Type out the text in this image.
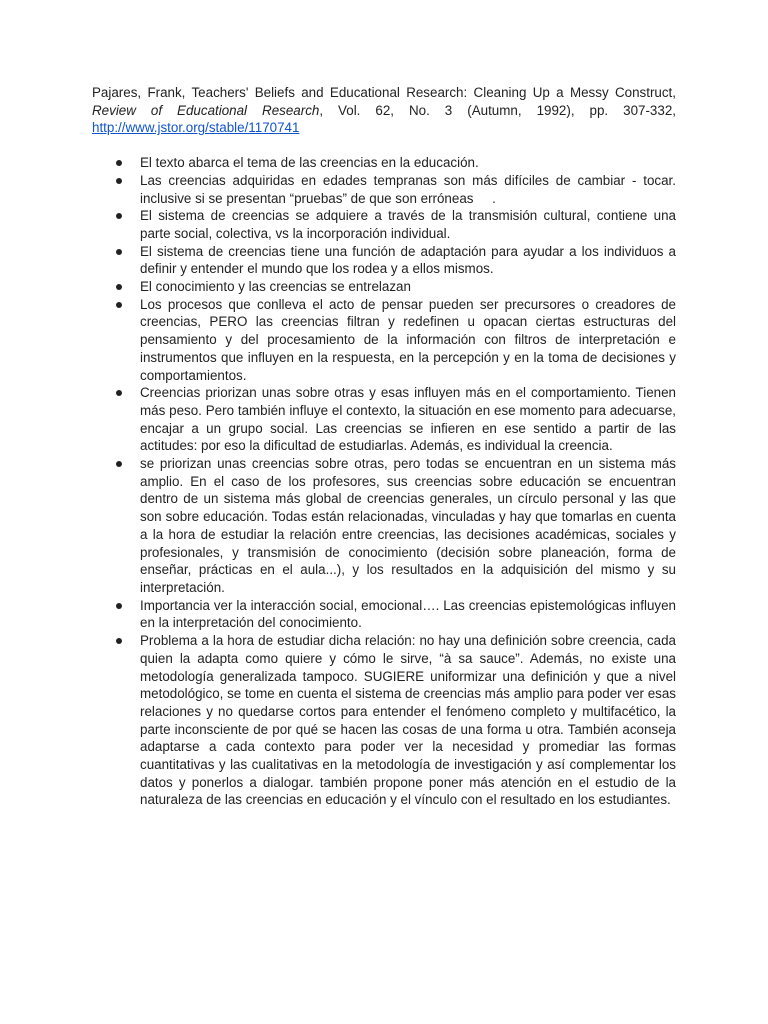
Pajares, Frank, Teachers' Beliefs and Educational Research: Cleaning Up a Messy Construct, Review of Educational Research, Vol. 62, No. 3 (Autumn, 1992), pp. 307-332, http://www.jstor.org/stable/1170741

El texto abarca el tema de las creencias en la educación.
Las creencias adquiridas en edades tempranas son más difíciles de cambiar - tocar. inclusive si se presentan “pruebas” de que son erróneas     .
El sistema de creencias se adquiere a través de la transmisión cultural, contiene una parte social, colectiva, vs la incorporación individual.
El sistema de creencias tiene una función de adaptación para ayudar a los individuos a definir y entender el mundo que los rodea y a ellos mismos.
El conocimiento y las creencias se entrelazan
Los procesos que conlleva el acto de pensar pueden ser precursores o creadores de creencias, PERO las creencias filtran y redefinen u opacan ciertas estructuras del pensamiento y del procesamiento de la información con filtros de interpretación e instrumentos que influyen en la respuesta, en la percepción y en la toma de decisiones y comportamientos.
Creencias priorizan unas sobre otras y esas influyen más en el comportamiento. Tienen más peso. Pero también influye el contexto, la situación en ese momento para adecuarse, encajar a un grupo social. Las creencias se infieren en ese sentido a partir de las actitudes: por eso la dificultad de estudiarlas. Además, es individual la creencia.
se priorizan unas creencias sobre otras, pero todas se encuentran en un sistema más amplio. En el caso de los profesores, sus creencias sobre educación se encuentran dentro de un sistema más global de creencias generales, un círculo personal y las que son sobre educación. Todas están relacionadas, vinculadas y hay que tomarlas en cuenta a la hora de estudiar la relación entre creencias, las decisiones académicas, sociales y profesionales, y transmisión de conocimiento (decisión sobre planeación, forma de enseñar, prácticas en el aula...), y los resultados en la adquisición del mismo y su interpretación.
Importancia ver la interacción social, emocional…. Las creencias epistemológicas influyen en la interpretación del conocimiento.
Problema a la hora de estudiar dicha relación: no hay una definición sobre creencia, cada quien la adapta como quiere y cómo le sirve, “à sa sauce”. Además, no existe una metodología generalizada tampoco. SUGIERE uniformizar una definición y que a nivel metodológico, se tome en cuenta el sistema de creencias más amplio para poder ver esas relaciones y no quedarse cortos para entender el fenómeno completo y multifacético, la parte inconsciente de por qué se hacen las cosas de una forma u otra. También aconseja adaptarse a cada contexto para poder ver la necesidad y promediar las formas cuantitativas y las cualitativas en la metodología de investigación y así complementar los datos y ponerlos a dialogar. también propone poner más atención en el estudio de la naturaleza de las creencias en educación y el vínculo con el resultado en los estudiantes.
